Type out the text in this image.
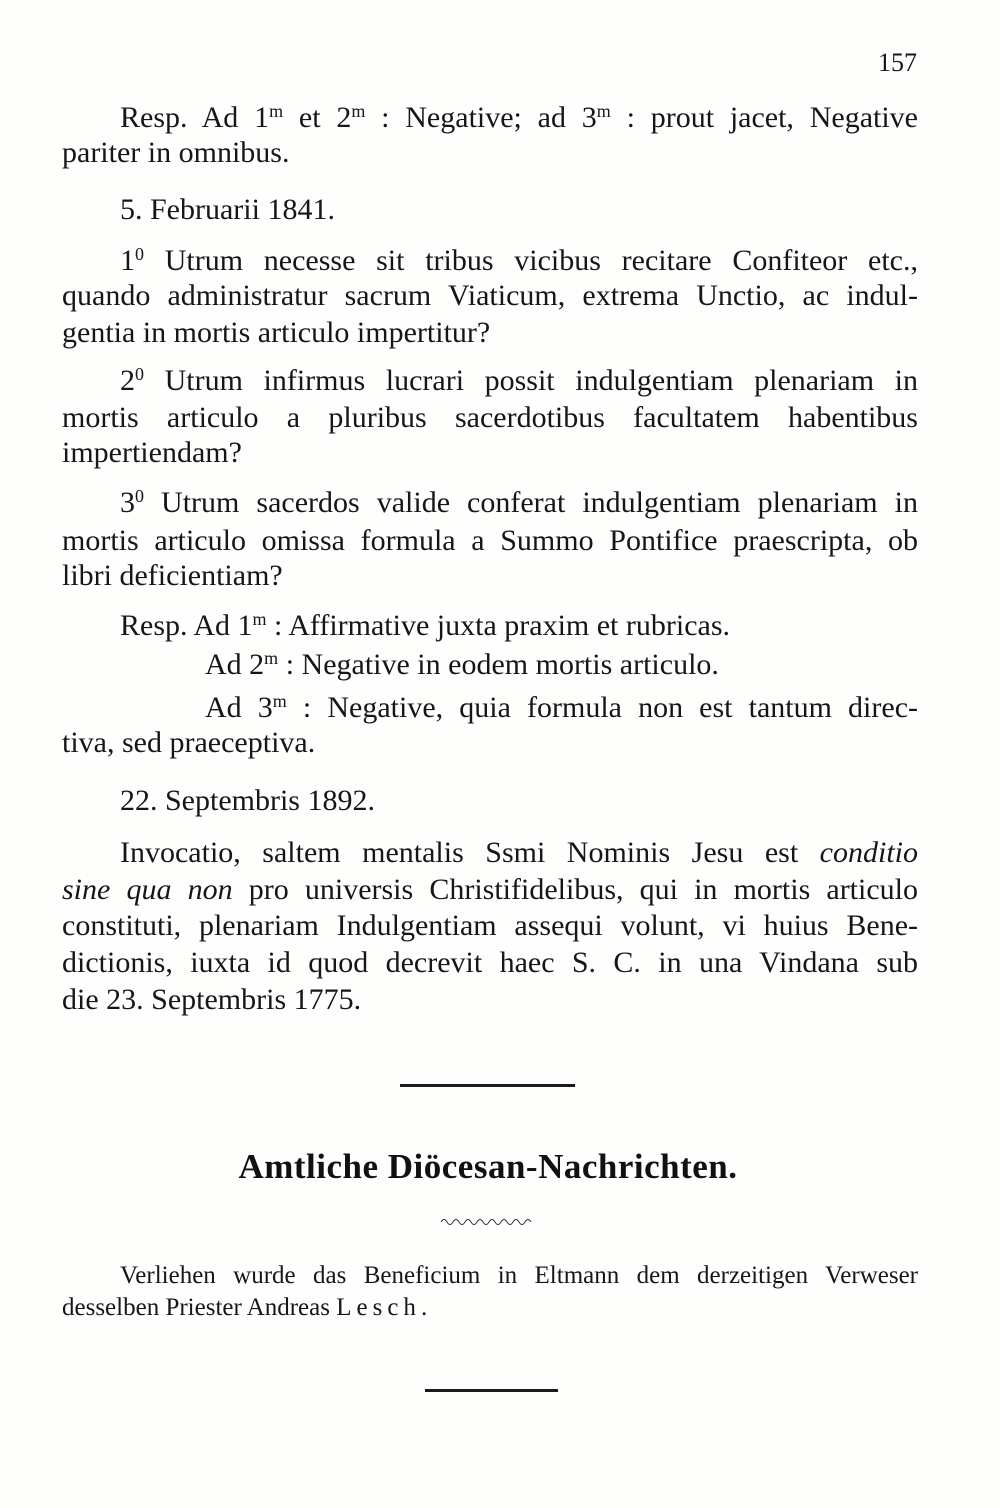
157
Resp. Ad 1$^m$ et 2$^m$ : Negative; ad 3$^m$ : prout jacet, Negative
pariter in omnibus.
5. Februarii 1841.
$1^0$ Utrum necesse sit tribus vicibus recitare Confiteor etc.,
quando administratur sacrum Viaticum, extrema Unctio, ac indul-
gentia in mortis articulo impertitur?
$2^0$ Utrum infirmus lucrari possit indulgentiam plenariam in
mortis articulo a pluribus sacerdotibus facultatem habentibus
impertiendam?
$3^0$ Utrum sacerdos valide conferat indulgentiam plenariam in
mortis articulo omissa formula a Summo Pontifice praescripta, ob
libri deficientiam?
Resp. Ad 1$^m$ : Affirmative juxta praxim et rubricas.
Ad 2$^m$ : Negative in eodem mortis articulo.
Ad 3$^m$ : Negative, quia formula non est tantum direc-
tiva, sed praeceptiva.
22. Septembris 1892.
Invocatio, saltem mentalis Ssmi Nominis Jesu est conditio
sine qua non pro universis Christifidelibus, qui in mortis articulo
constituti, plenariam Indulgentiam assequi volunt, vi huius Bene-
dictionis, iuxta id quod decrevit haec S. C. in una Vindana sub
die 23. Septembris 1775.
Amtliche Diöcesan-Nachrichten.
Verliehen wurde das Beneficium in Eltmann dem derzeitigen Verweser
desselben Priester Andreas Lesch.
